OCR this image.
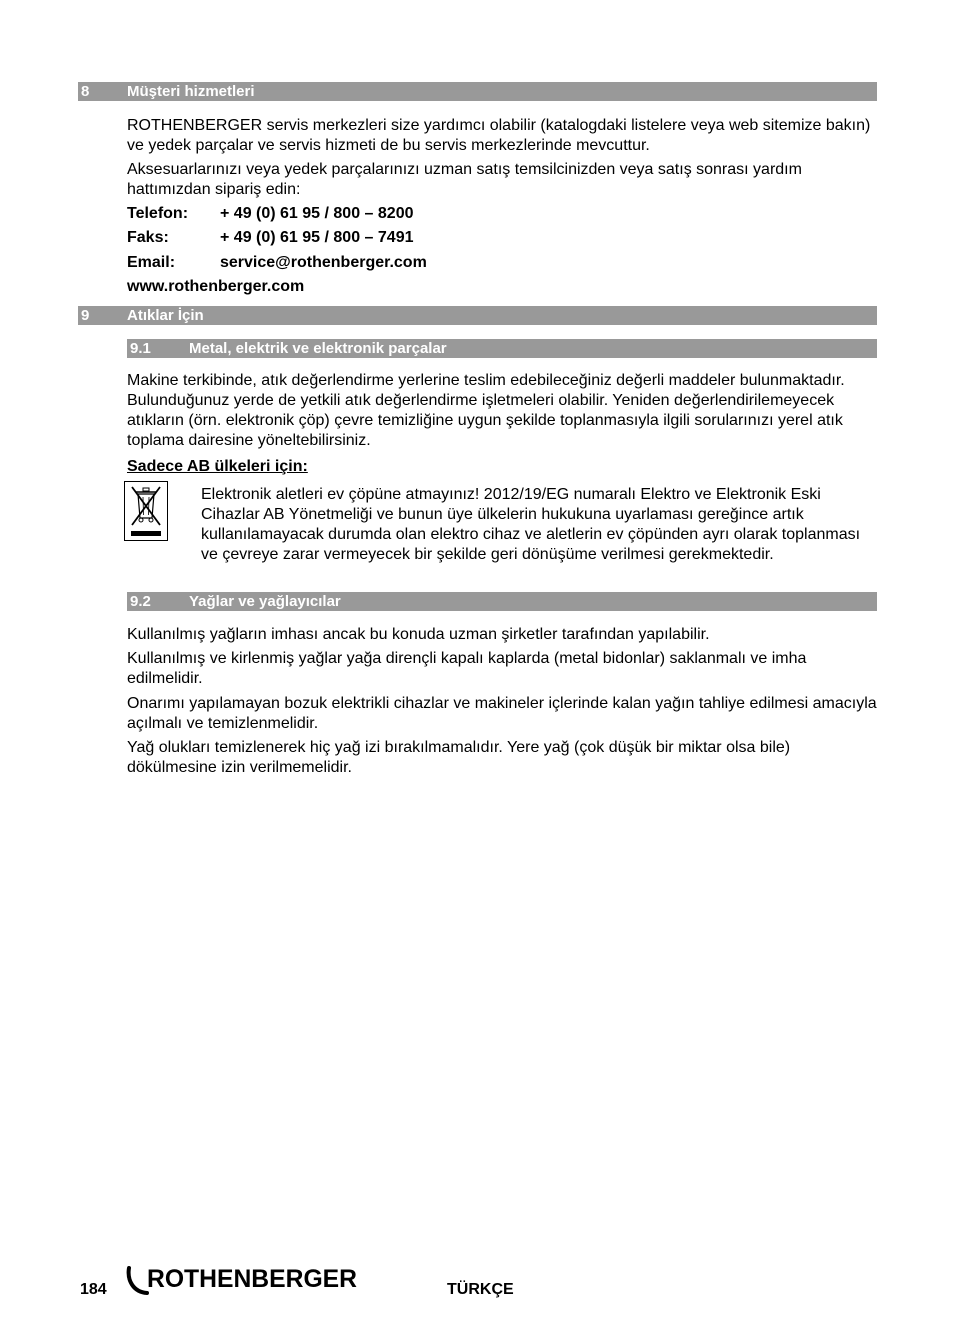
8	Müşteri hizmetleri

ROTHENBERGER servis merkezleri size yardımcı olabilir (katalogdaki listelere veya web sitemize bakın) ve yedek parçalar ve servis hizmeti de bu servis merkezlerinde mevcuttur.

Aksesuarlarınızı veya yedek parçalarınızı uzman satış temsilcinizden veya satış sonrası yardım hattımızdan sipariş edin:

Telefon: + 49 (0) 61 95 / 800 – 8200
Faks:	+ 49 (0) 61 95 / 800 – 7491
Email:	service@rothenberger.com
www.rothenberger.com
9	Atıklar İçin
9.1	Metal, elektrik ve elektronik parçalar

Makine terkibinde, atık değerlendirme yerlerine teslim edebileceğiniz değerli maddeler bulunmaktadır. Bulunduğunuz yerde de yetkili atık değerlendirme işletmeleri olabilir. Yeniden değerlendirilemeyecek atıkların (örn. elektronik çöp) çevre temizliğine uygun şekilde toplanmasıyla ilgili sorularınızı yerel atık toplama dairesine yöneltebilirsiniz.

Sadece AB ülkeleri için:

Elektronik aletleri ev çöpüne atmayınız! 2012/19/EG numaralı Elektro ve Elektronik Eski Cihazlar AB Yönetmeliği ve bunun üye ülkelerin hukukuna uyarlaması gereğince artık kullanılamayacak durumda olan elektro cihaz ve aletlerin ev çöpünden ayrı olarak toplanması ve çevreye zarar vermeyecek bir şekilde geri dönüşüme verilmesi gerekmektedir.

9.2	Yağlar ve yağlayıcılar

Kullanılmış yağların imhası ancak bu konuda uzman şirketler tarafından yapılabilir.

Kullanılmış ve kirlenmiş yağlar yağa dirençli kapalı kaplarda (metal bidonlar) saklanmalı ve imha edilmelidir.

Onarımı yapılamayan bozuk elektrikli cihazlar ve makineler içlerinde kalan yağın tahliye edilmesi amacıyla açılmalı ve temizlenmelidir.

Yağ olukları temizlenerek hiç yağ izi bırakılmamalıdır. Yere yağ (çok düşük bir miktar olsa bile) dökülmesine izin verilmemelidir.

184 ROTHENBERGER	TÜRKÇE
